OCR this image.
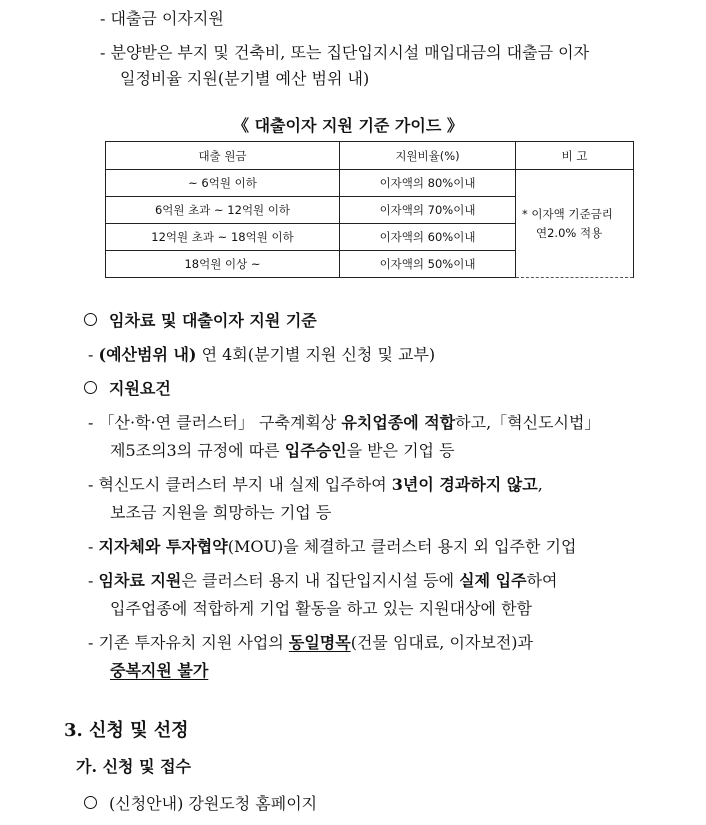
- 대출금 이자지원
- 분양받은 부지 및 건축비, 또는 집단입지시설 매입대금의 대출금 이자
일정비율 지원(분기별 예산 범위 내)
《 대출이자 지원 기준 가이드 》
대출 원금	지원비율(%)	비 고
~ 6억원 이하	이자액의 80%이내	* 이자액 기준금리
연2.0% 적용

6억원 초과 ~ 12억원 이하	이자액의 70%이내	
12억원 초과 ~ 18억원 이하	이자액의 60%이내	
18억원 이상 ~	이자액의 50%이내	
임차료 및 대출이자 지원 기준
- (예산범위 내) 연 4회(분기별 지원 신청 및 교부)
지원요건
- 「산·학·연 클러스터」 구축계획상 유치업종에 적합하고,「혁신도시법」
제5조의3의 규정에 따른 입주승인을 받은 기업 등
- 혁신도시 클러스터 부지 내 실제 입주하여 3년이 경과하지 않고,
보조금 지원을 희망하는 기업 등
- 지자체와 투자협약(MOU)을 체결하고 클러스터 용지 외 입주한 기업
- 임차료 지원은 클러스터 용지 내 집단입지시설 등에 실제 입주하여
입주업종에 적합하게 기업 활동을 하고 있는 지원대상에 한함
- 기존 투자유치 지원 사업의 동일명목(건물 임대료, 이자보전)과
중복지원 불가
3. 신청 및 선정
가. 신청 및 접수
(신청안내) 강원도청 홈페이지
